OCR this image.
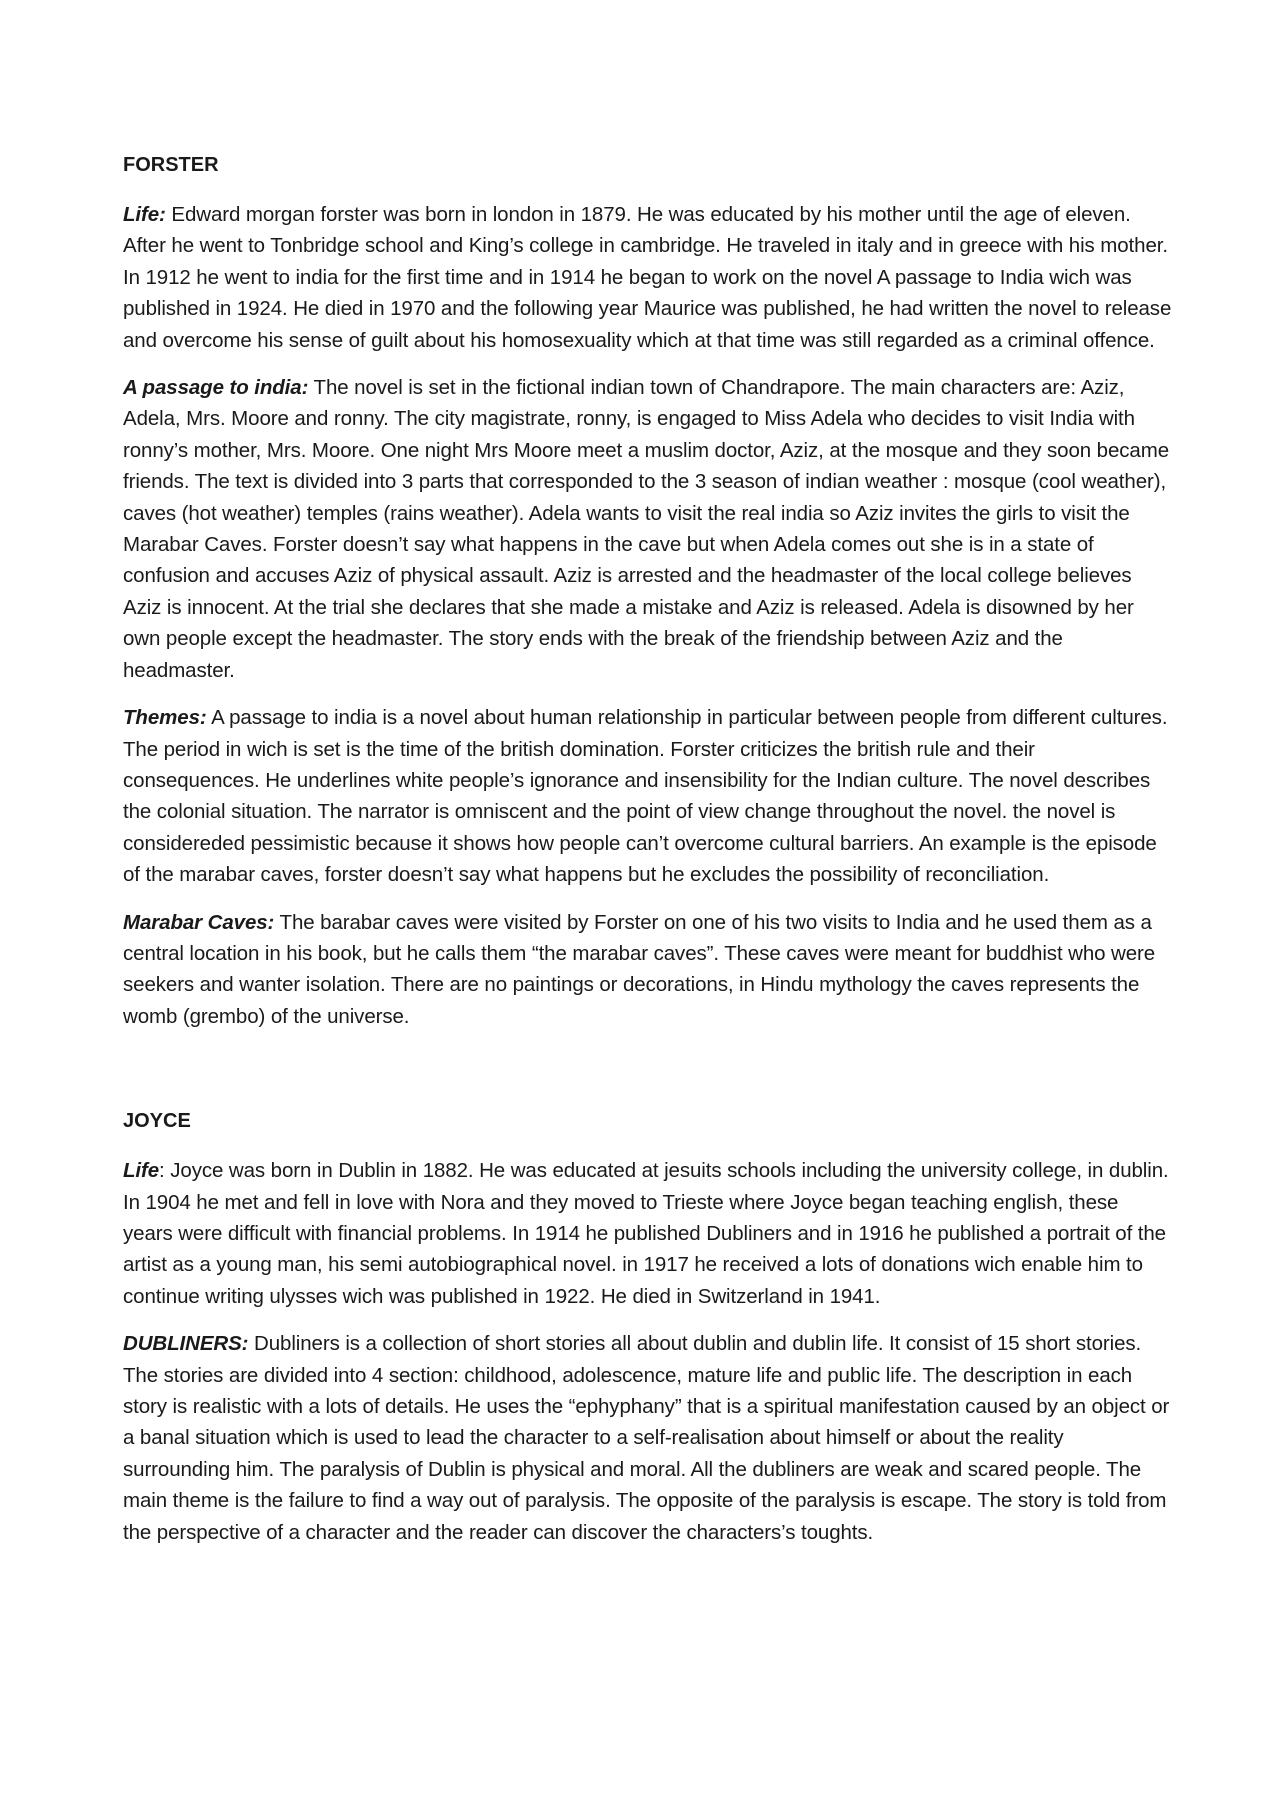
FORSTER

Life: Edward morgan forster was born in london in 1879. He was educated by his mother until the age of eleven. After he went to Tonbridge school and King’s college in cambridge. He traveled in italy and in greece with his mother. In 1912 he went to india for the first time and in 1914 he began to work on the novel A passage to India wich was published in 1924. He died in 1970 and the following year Maurice was published, he had written the novel to release and overcome his sense of guilt about his homosexuality which at that time was still regarded as a criminal offence.

A passage to india: The novel is set in the fictional indian town of Chandrapore. The main characters are: Aziz, Adela, Mrs. Moore and ronny. The city magistrate, ronny, is engaged to Miss Adela who decides to visit India with ronny’s mother, Mrs. Moore. One night Mrs Moore meet a muslim doctor, Aziz, at the mosque and they soon became friends. The text is divided into 3 parts that corresponded to the 3 season of indian weather : mosque (cool weather), caves (hot weather) temples (rains weather). Adela wants to visit the real india so Aziz invites the girls to visit the Marabar Caves. Forster doesn’t say what happens in the cave but when Adela comes out she is in a state of confusion and accuses Aziz of physical assault. Aziz is arrested and the headmaster of the local college believes Aziz is innocent. At the trial she declares that she made a mistake and Aziz is released. Adela is disowned by her own people except the headmaster. The story ends with the break of the friendship between Aziz and the headmaster.

Themes: A passage to india is a novel about human relationship in particular between people from different cultures. The period in wich is set is the time of the british domination. Forster criticizes the british rule and their consequences. He underlines white people’s ignorance and insensibility for the Indian culture. The novel describes the colonial situation. The narrator is omniscent and the point of view change throughout the novel. the novel is considereded pessimistic because it shows how people can’t overcome cultural barriers. An example is the episode of the marabar caves, forster doesn’t say what happens but he excludes the possibility of reconciliation.

Marabar Caves: The barabar caves were visited by Forster on one of his two visits to India and he used them as a central location in his book, but he calls them “the marabar caves”. These caves were meant for buddhist who were seekers and wanter isolation. There are no paintings or decorations, in Hindu mythology the caves represents the womb (grembo) of the universe.

JOYCE

Life: Joyce was born in Dublin in 1882. He was educated at jesuits schools including the university college, in dublin. In 1904 he met and fell in love with Nora and they moved to Trieste where Joyce began teaching english, these years were difficult with financial problems. In 1914 he published Dubliners and in 1916 he published a portrait of the artist as a young man, his semi autobiographical novel. in 1917 he received a lots of donations wich enable him to continue writing ulysses wich was published in 1922. He died in Switzerland in 1941.

DUBLINERS: Dubliners is a collection of short stories all about dublin and dublin life. It consist of 15 short stories. The stories are divided into 4 section: childhood, adolescence, mature life and public life. The description in each story is realistic with a lots of details. He uses the “ephyphany” that is a spiritual manifestation caused by an object or a banal situation which is used to lead the character to a self-realisation about himself or about the reality surrounding him. The paralysis of Dublin is physical and moral. All the dubliners are weak and scared people. The main theme is the failure to find a way out of paralysis. The opposite of the paralysis is escape. The story is told from the perspective of a character and the reader can discover the characters’s toughts.
